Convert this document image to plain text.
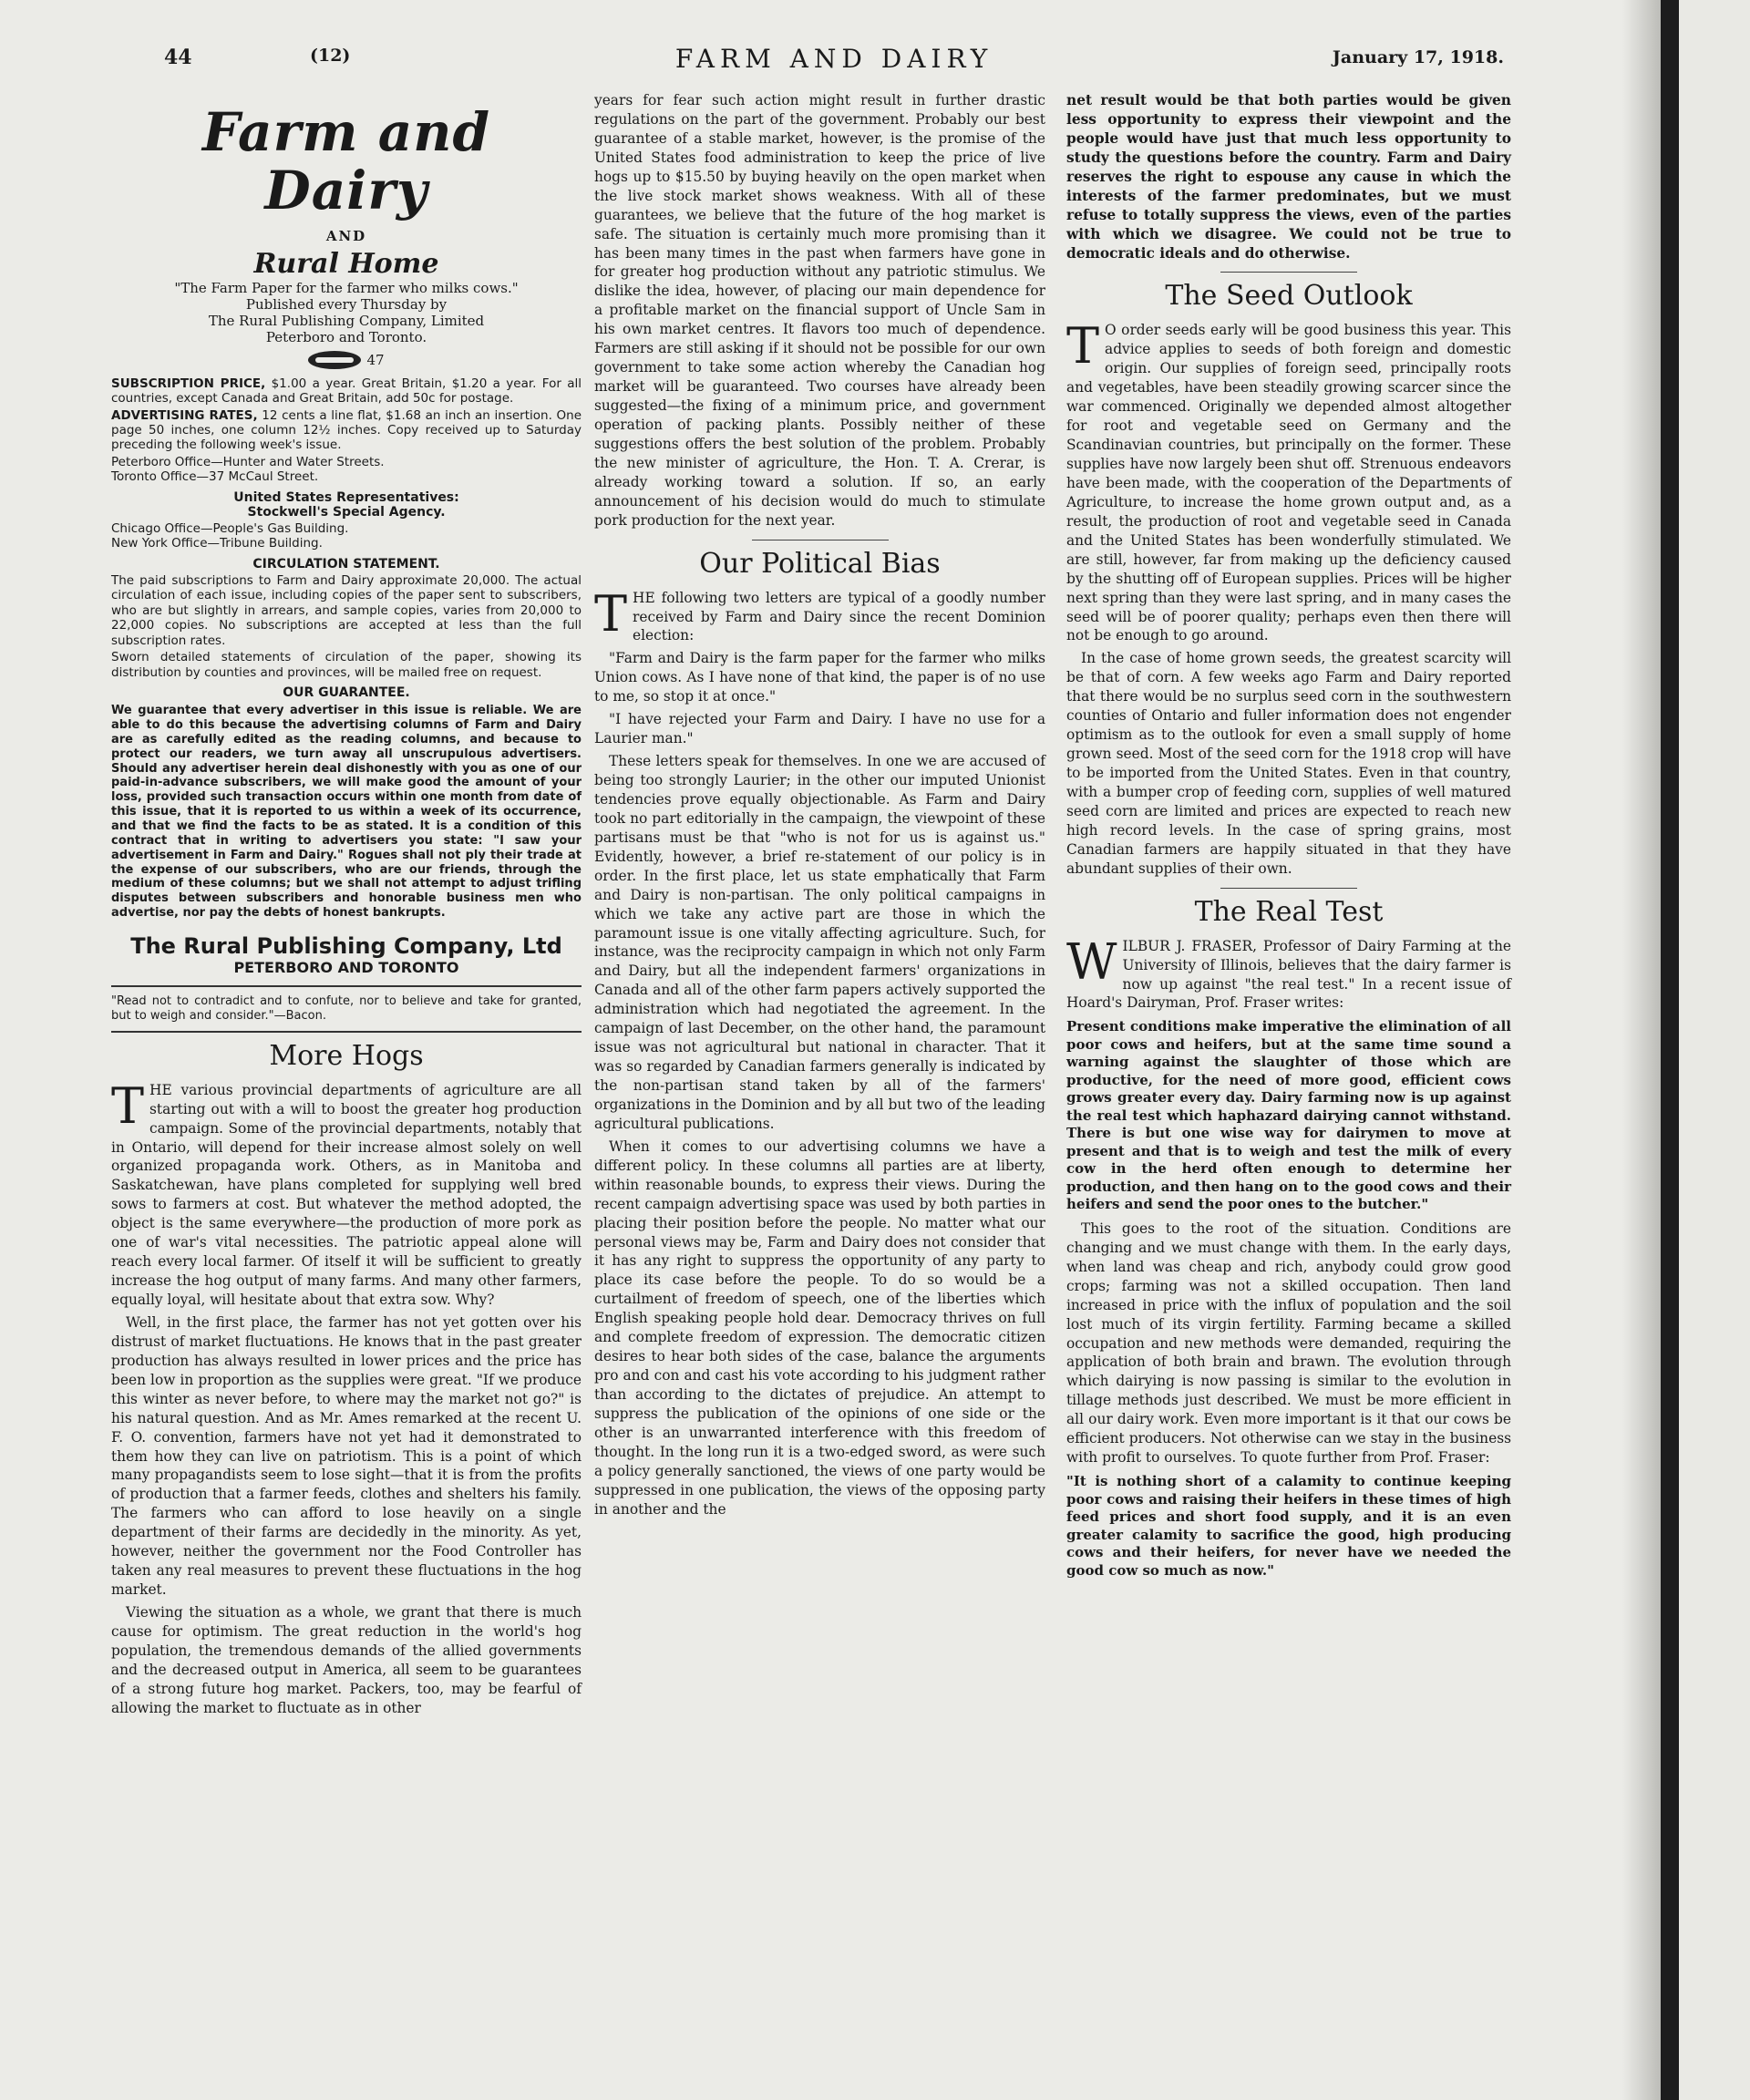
44	(12)	FARM AND DAIRY	January 17, 1918.
Farm and Dairy
AND
Rural Home
"The Farm Paper for the farmer who milks cows."
Published every Thursday by
The Rural Publishing Company, Limited
Peterboro and Toronto.
47

SUBSCRIPTION PRICE, $1.00 a year. Great Britain, $1.20 a year. For all countries, except Canada and Great Britain, add 50c for postage.

ADVERTISING RATES, 12 cents a line flat, $1.68 an inch an insertion. One page 50 inches, one column 12½ inches. Copy received up to Saturday preceding the following week's issue.

Peterboro Office—Hunter and Water Streets.

Toronto Office—37 McCaul Street.

United States Representatives:
Stockwell's Special Agency.

Chicago Office—People's Gas Building.

New York Office—Tribune Building.

CIRCULATION STATEMENT.

The paid subscriptions to Farm and Dairy approximate 20,000. The actual circulation of each issue, including copies of the paper sent to subscribers, who are but slightly in arrears, and sample copies, varies from 20,000 to 22,000 copies. No subscriptions are accepted at less than the full subscription rates.

Sworn detailed statements of circulation of the paper, showing its distribution by counties and provinces, will be mailed free on request.

OUR GUARANTEE.

We guarantee that every advertiser in this issue is reliable. We are able to do this because the advertising columns of Farm and Dairy are as carefully edited as the reading columns, and because to protect our readers, we turn away all unscrupulous advertisers. Should any advertiser herein deal dishonestly with you as one of our paid-in-advance subscribers, we will make good the amount of your loss, provided such transaction occurs within one month from date of this issue, that it is reported to us within a week of its occurrence, and that we find the facts to be as stated. It is a condition of this contract that in writing to advertisers you state: "I saw your advertisement in Farm and Dairy." Rogues shall not ply their trade at the expense of our subscribers, who are our friends, through the medium of these columns; but we shall not attempt to adjust trifling disputes between subscribers and honorable business men who advertise, nor pay the debts of honest bankrupts.

The Rural Publishing Company, Ltd
PETERBORO AND TORONTO

"Read not to contradict and to confute, nor to believe and take for granted, but to weigh and consider."—Bacon.

More Hogs

THE various provincial departments of agriculture are all starting out with a will to boost the greater hog production campaign. Some of the provincial departments, notably that in Ontario, will depend for their increase almost solely on well organized propaganda work. Others, as in Manitoba and Saskatchewan, have plans completed for supplying well bred sows to farmers at cost. But whatever the method adopted, the object is the same everywhere—the production of more pork as one of war's vital necessities. The patriotic appeal alone will reach every local farmer. Of itself it will be sufficient to greatly increase the hog output of many farms. And many other farmers, equally loyal, will hesitate about that extra sow. Why?

Well, in the first place, the farmer has not yet gotten over his distrust of market fluctuations. He knows that in the past greater production has always resulted in lower prices and the price has been low in proportion as the supplies were great. "If we produce this winter as never before, to where may the market not go?" is his natural question. And as Mr. Ames remarked at the recent U. F. O. convention, farmers have not yet had it demonstrated to them how they can live on patriotism. This is a point of which many propagandists seem to lose sight—that it is from the profits of production that a farmer feeds, clothes and shelters his family. The farmers who can afford to lose heavily on a single department of their farms are decidedly in the minority. As yet, however, neither the government nor the Food Controller has taken any real measures to prevent these fluctuations in the hog market.

Viewing the situation as a whole, we grant that there is much cause for optimism. The great reduction in the world's hog population, the tremendous demands of the allied governments and the decreased output in America, all seem to be guarantees of a strong future hog market. Packers, too, may be fearful of allowing the market to fluctuate as in other

years for fear such action might result in further drastic regulations on the part of the government. Probably our best guarantee of a stable market, however, is the promise of the United States food administration to keep the price of live hogs up to $15.50 by buying heavily on the open market when the live stock market shows weakness. With all of these guarantees, we believe that the future of the hog market is safe. The situation is certainly much more promising than it has been many times in the past when farmers have gone in for greater hog production without any patriotic stimulus. We dislike the idea, however, of placing our main dependence for a profitable market on the financial support of Uncle Sam in his own market centres. It flavors too much of dependence. Farmers are still asking if it should not be possible for our own government to take some action whereby the Canadian hog market will be guaranteed. Two courses have already been suggested—the fixing of a minimum price, and government operation of packing plants. Possibly neither of these suggestions offers the best solution of the problem. Probably the new minister of agriculture, the Hon. T. A. Crerar, is already working toward a solution. If so, an early announcement of his decision would do much to stimulate pork production for the next year.

Our Political Bias

THE following two letters are typical of a goodly number received by Farm and Dairy since the recent Dominion election:

"Farm and Dairy is the farm paper for the farmer who milks Union cows. As I have none of that kind, the paper is of no use to me, so stop it at once."

"I have rejected your Farm and Dairy. I have no use for a Laurier man."

These letters speak for themselves. In one we are accused of being too strongly Laurier; in the other our imputed Unionist tendencies prove equally objectionable. As Farm and Dairy took no part editorially in the campaign, the viewpoint of these partisans must be that "who is not for us is against us." Evidently, however, a brief re-statement of our policy is in order. In the first place, let us state emphatically that Farm and Dairy is non-partisan. The only political campaigns in which we take any active part are those in which the paramount issue is one vitally affecting agriculture. Such, for instance, was the reciprocity campaign in which not only Farm and Dairy, but all the independent farmers' organizations in Canada and all of the other farm papers actively supported the administration which had negotiated the agreement. In the campaign of last December, on the other hand, the paramount issue was not agricultural but national in character. That it was so regarded by Canadian farmers generally is indicated by the non-partisan stand taken by all of the farmers' organizations in the Dominion and by all but two of the leading agricultural publications.

When it comes to our advertising columns we have a different policy. In these columns all parties are at liberty, within reasonable bounds, to express their views. During the recent campaign advertising space was used by both parties in placing their position before the people. No matter what our personal views may be, Farm and Dairy does not consider that it has any right to suppress the opportunity of any party to place its case before the people. To do so would be a curtailment of freedom of speech, one of the liberties which English speaking people hold dear. Democracy thrives on full and complete freedom of expression. The democratic citizen desires to hear both sides of the case, balance the arguments pro and con and cast his vote according to his judgment rather than according to the dictates of prejudice. An attempt to suppress the publication of the opinions of one side or the other is an unwarranted interference with this freedom of thought. In the long run it is a two-edged sword, as were such a policy generally sanctioned, the views of one party would be suppressed in one publication, the views of the opposing party in another and the

net result would be that both parties would be given less opportunity to express their viewpoint and the people would have just that much less opportunity to study the questions before the country. Farm and Dairy reserves the right to espouse any cause in which the interests of the farmer predominates, but we must refuse to totally suppress the views, even of the parties with which we disagree. We could not be true to democratic ideals and do otherwise.

The Seed Outlook

T O order seeds early will be good business this year. This advice applies to seeds of both foreign and domestic origin. Our supplies of foreign seed, principally roots and vegetables, have been steadily growing scarcer since the war commenced. Originally we depended almost altogether for root and vegetable seed on Germany and the Scandinavian countries, but principally on the former. These supplies have now largely been shut off. Strenuous endeavors have been made, with the cooperation of the Departments of Agriculture, to increase the home grown output and, as a result, the production of root and vegetable seed in Canada and the United States has been wonderfully stimulated. We are still, however, far from making up the deficiency caused by the shutting off of European supplies. Prices will be higher next spring than they were last spring, and in many cases the seed will be of poorer quality; perhaps even then there will not be enough to go around.

In the case of home grown seeds, the greatest scarcity will be that of corn. A few weeks ago Farm and Dairy reported that there would be no surplus seed corn in the southwestern counties of Ontario and fuller information does not engender optimism as to the outlook for even a small supply of home grown seed. Most of the seed corn for the 1918 crop will have to be imported from the United States. Even in that country, with a bumper crop of feeding corn, supplies of well matured seed corn are limited and prices are expected to reach new high record levels. In the case of spring grains, most Canadian farmers are happily situated in that they have abundant supplies of their own.

The Real Test

WILBUR J. FRASER, Professor of Dairy Farming at the University of Illinois, believes that the dairy farmer is now up against "the real test." In a recent issue of Hoard's Dairyman, Prof. Fraser writes:

Present conditions make imperative the elimination of all poor cows and heifers, but at the same time sound a warning against the slaughter of those which are productive, for the need of more good, efficient cows grows greater every day. Dairy farming now is up against the real test which haphazard dairying cannot withstand. There is but one wise way for dairymen to move at present and that is to weigh and test the milk of every cow in the herd often enough to determine her production, and then hang on to the good cows and their heifers and send the poor ones to the butcher."

This goes to the root of the situation. Conditions are changing and we must change with them. In the early days, when land was cheap and rich, anybody could grow good crops; farming was not a skilled occupation. Then land increased in price with the influx of population and the soil lost much of its virgin fertility. Farming became a skilled occupation and new methods were demanded, requiring the application of both brain and brawn. The evolution through which dairying is now passing is similar to the evolution in tillage methods just described. We must be more efficient in all our dairy work. Even more important is it that our cows be efficient producers. Not otherwise can we stay in the business with profit to ourselves. To quote further from Prof. Fraser:

"It is nothing short of a calamity to continue keeping poor cows and raising their heifers in these times of high feed prices and short food supply, and it is an even greater calamity to sacrifice the good, high producing cows and their heifers, for never have we needed the good cow so much as now."
